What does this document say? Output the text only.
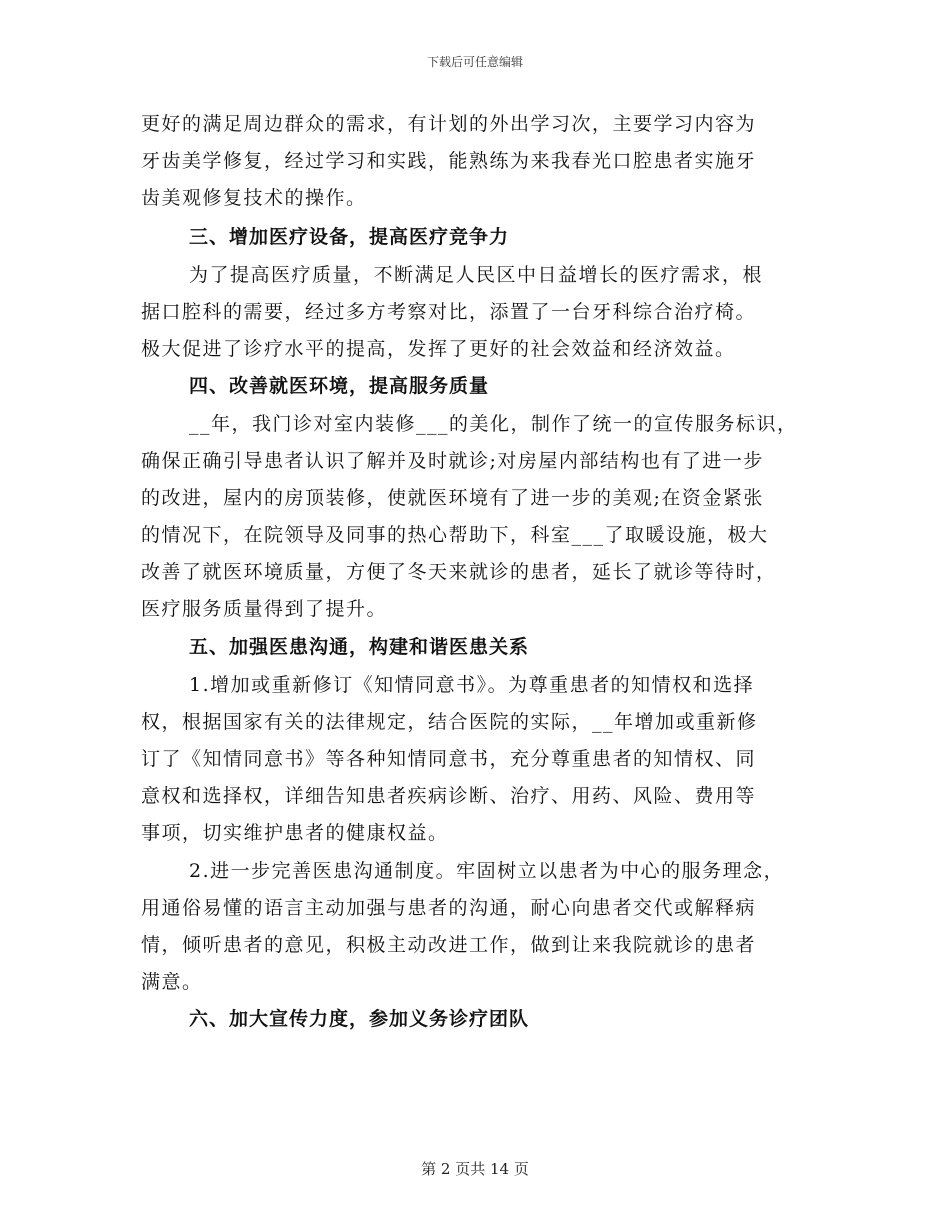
下载后可任意编辑
更好的满足周边群众的需求，有计划的外出学习次，主要学习内容为
牙齿美学修复，经过学习和实践，能熟练为来我春光口腔患者实施牙
齿美观修复技术的操作。
三、增加医疗设备，提高医疗竞争力
为了提高医疗质量，不断满足人民区中日益增长的医疗需求，根
据口腔科的需要，经过多方考察对比，添置了一台牙科综合治疗椅。
极大促进了诊疗水平的提高，发挥了更好的社会效益和经济效益。
四、改善就医环境，提高服务质量
__年，我门诊对室内装修___的美化，制作了统一的宣传服务标识，
确保正确引导患者认识了解并及时就诊;对房屋内部结构也有了进一步
的改进，屋内的房顶装修，使就医环境有了进一步的美观;在资金紧张
的情况下，在院领导及同事的热心帮助下，科室___了取暖设施，极大
改善了就医环境质量，方便了冬天来就诊的患者，延长了就诊等待时，
医疗服务质量得到了提升。
五、加强医患沟通，构建和谐医患关系
1.增加或重新修订《知情同意书》。为尊重患者的知情权和选择
权，根据国家有关的法律规定，结合医院的实际，__年增加或重新修
订了《知情同意书》等各种知情同意书，充分尊重患者的知情权、同
意权和选择权，详细告知患者疾病诊断、治疗、用药、风险、费用等
事项，切实维护患者的健康权益。
2.进一步完善医患沟通制度。牢固树立以患者为中心的服务理念，
用通俗易懂的语言主动加强与患者的沟通，耐心向患者交代或解释病
情，倾听患者的意见，积极主动改进工作，做到让来我院就诊的患者
满意。
六、加大宣传力度，参加义务诊疗团队
第 2 页共 14 页
